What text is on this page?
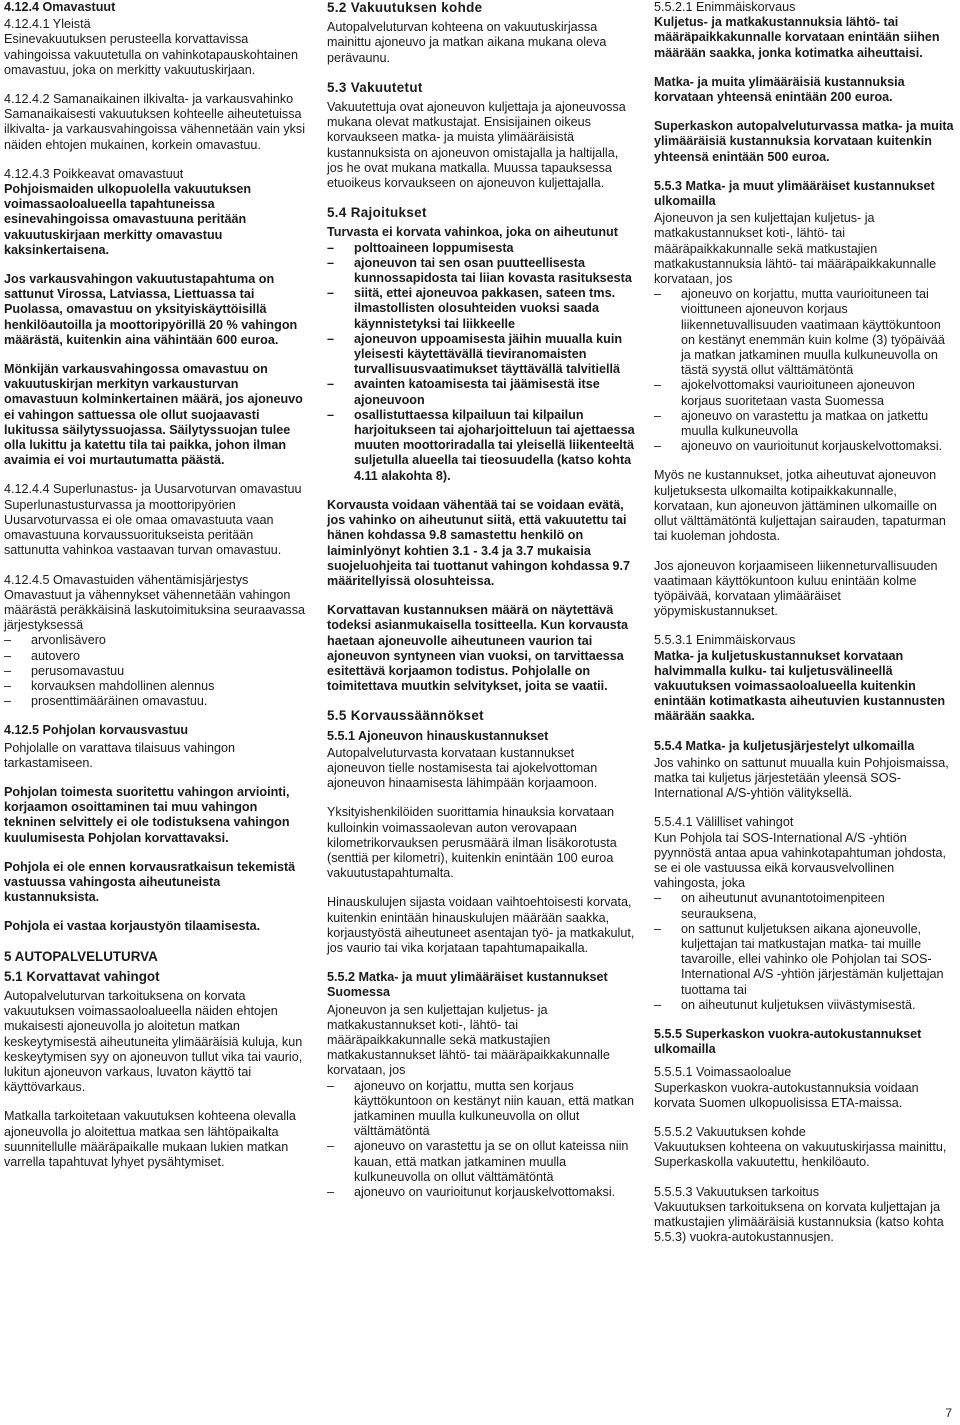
4.12.4 Omavastuut
4.12.4.1 Yleistä

Esinevakuutuksen perusteella korvattavissa vahingoissa vakuutetulla on vahinkotapauskohtainen omavastuu, joka on merkitty vakuutuskirjaan.

4.12.4.2 Samanaikainen ilkivalta- ja varkausvahinko

Samanaikaisesti vakuutuksen kohteelle aiheutetuissa ilkivalta- ja varkausvahingoissa vähennetään vain yksi näiden ehtojen mukainen, korkein omavastuu.

4.12.4.3 Poikkeavat omavastuut

Pohjoismaiden ulkopuolella vakuutuksen voimassaoloalueella tapahtuneissa esinevahingoissa omavastuuna peritään vakuutuskirjaan merkitty omavastuu kaksinkertaisena.

Jos varkausvahingon vakuutustapahtuma on sattunut Virossa, Latviassa, Liettuassa tai Puolassa, omavastuu on yksityiskäyttöisillä henkilöautoilla ja moottoripyörillä 20 % vahingon määrästä, kuitenkin aina vähintään 600 euroa.

Mönkijän varkausvahingossa omavastuu on vakuutuskirjan merkityn varkausturvan omavastuun kolminkertainen määrä, jos ajoneuvo ei vahingon sattuessa ole ollut suojaavasti lukitussa säilytyssuojassa. Säilytyssuojan tulee olla lukittu ja katettu tila tai paikka, johon ilman avaimia ei voi murtautumatta päästä.

4.12.4.4 Superlunastus- ja Uusarvoturvan omavastuu

Superlunastusturvassa ja moottoripyörien Uusarvoturvassa ei ole omaa omavastuuta vaan omavastuuna korvaussuoritukseista peritään sattunutta vahinkoa vastaavan turvan omavastuu.

4.12.4.5 Omavastuiden vähentämisjärjestys
Omavastuut ja vähennykset vähennetään vahingon määrästä peräkkäisinä laskutoimituksina seuraavassa järjestyksessä
– arvonlisävero
– autovero
– perusomavastuu
– korvauksen mahdollinen alennus
– prosenttimääräinen omavastuu.
4.12.5 Pohjolan korvausvastuu

Pohjolalle on varattava tilaisuus vahingon tarkastamiseen.

Pohjolan toimesta suoritettu vahingon arviointi, korjaamon osoittaminen tai muu vahingon tekninen selvittely ei ole todistuksena vahingon kuulumisesta Pohjolan korvattavaksi.

Pohjola ei ole ennen korvausratkaisun tekemistä vastuussa vahingosta aiheutuneista kustannuksista.

Pohjola ei vastaa korjaustyön tilaamisesta.

5 AUTOPALVELUTURVA
5.1 Korvattavat vahingot

Autopalveluturvan tarkoituksena on korvata vakuutuksen voimassaoloalueella näiden ehtojen mukaisesti ajoneuvolla jo aloitetun matkan keskeytymisestä aiheutuneita ylimääräisiä kuluja, kun keskeytymisen syy on ajoneuvon tullut vika tai vaurio, lukitun ajoneuvon varkaus, luvaton käyttö tai käyttövarkaus.

Matkalla tarkoitetaan vakuutuksen kohteena olevalla ajoneuvolla jo aloitettua matkaa sen lähtöpaikalta suunnitellulle määräpaikalle mukaan lukien matkan varrella tapahtuvat lyhyet pysähtymiset.

5.2 Vakuutuksen kohde

Autopalveluturvan kohteena on vakuutuskirjassa mainittu ajoneuvo ja matkan aikana mukana oleva perävaunu.

5.3 Vakuutetut

Vakuutettuja ovat ajoneuvon kuljettaja ja ajoneuvossa mukana olevat matkustajat. Ensisijainen oikeus korvaukseen matka- ja muista ylimääräisistä kustannuksista on ajoneuvon omistajalla ja haltijalla, jos he ovat mukana matkalla. Muussa tapauksessa etuoikeus korvaukseen on ajoneuvon kuljettajalla.

5.4 Rajoitukset
Turvasta ei korvata vahinkoa, joka on aiheutunut
– polttoaineen loppumisesta
– ajoneuvon tai sen osan puutteellisesta kunnossapidosta tai liian kovasta rasituksesta
– siitä, ettei ajoneuvoa pakkasen, sateen tms. ilmastollisten olosuhteiden vuoksi saada käynnistetyksi tai liikkeelle
– ajoneuvon uppoamisesta jäihin muualla kuin yleisesti käytettävällä tieviranomaisten turvallisuusvaatimukset täyttävällä talvitiellä
– avainten katoamisesta tai jäämisestä itse ajoneuvoon
– osallistuttaessa kilpailuun tai kilpailun harjoitukseen tai ajoharjoitteluun tai ajettaessa muuten moottoriradalla tai yleisellä liikenteeltä suljetulla alueella tai tieosuudella (katso kohta 4.11 alakohta 8).

Korvausta voidaan vähentää tai se voidaan evätä, jos vahinko on aiheutunut siitä, että vakuutettu tai hänen kohdassa 9.8 samastettu henkilö on laiminlyönyt kohtien 3.1 - 3.4 ja 3.7 mukaisia suojeluohjeita tai tuottanut vahingon kohdassa 9.7 määritellyissä olosuhteissa.

Korvattavan kustannuksen määrä on näytettävä todeksi asianmukaisella tositteella. Kun korvausta haetaan ajoneuvolle aiheutuneen vaurion tai ajoneuvon syntyneen vian vuoksi, on tarvittaessa esitettävä korjaamon todistus. Pohjolalle on toimitettava muutkin selvitykset, joita se vaatii.

5.5 Korvaussäännökset
5.5.1 Ajoneuvon hinauskustannukset

Autopalveluturvasta korvataan kustannukset ajoneuvon tielle nostamisesta tai ajokelvottoman ajoneuvon hinaamisesta lähimpään korjaamoon.

Yksityishenkilöiden suorittamia hinauksia korvataan kulloinkin voimassaolevan auton verovapaan kilometrikorvauksen perusmäärä ilman lisäkorotusta (senttiä per kilometri), kuitenkin enintään 100 euroa vakuutustapahtumalta.

Hinauskulujen sijasta voidaan vaihtoehtoisesti korvata, kuitenkin enintään hinauskulujen määrään saakka, korjaustyöstä aiheutuneet asentajan työ- ja matkakulut, jos vaurio tai vika korjataan tapahtumapaikalla.

5.5.2 Matka- ja muut ylimääräiset kustannukset Suomessa
Ajoneuvon ja sen kuljettajan kuljetus- ja matkakustannukset koti-, lähtö- tai määräpaikkakunnalle sekä matkustajien matkakustannukset lähtö- tai määräpaikkakunnalle korvataan, jos
– ajoneuvo on korjattu, mutta sen korjaus käyttökuntoon on kestänyt niin kauan, että matkan jatkaminen muulla kulkuneuvolla on ollut välttämätöntä
– ajoneuvo on varastettu ja se on ollut kateissa niin kauan, että matkan jatkaminen muulla kulkuneuvolla on ollut välttämätöntä
– ajoneuvo on vaurioitunut korjauskelvottomaksi.
5.5.2.1 Enimmäiskorvaus

Kuljetus- ja matkakustannuksia lähtö- tai määräpaikkakunnalle korvataan enintään siihen määrään saakka, jonka kotimatka aiheuttaisi.

Matka- ja muita ylimääräisiä kustannuksia korvataan yhteensä enintään 200 euroa.

Superkaskon autopalveluturvassa matka- ja muita ylimääräisiä kustannuksia korvataan kuitenkin yhteensä enintään 500 euroa.

5.5.3 Matka- ja muut ylimääräiset kustannukset ulkomailla
Ajoneuvon ja sen kuljettajan kuljetus- ja matkakustannukset koti-, lähtö- tai määräpaikkakunnalle sekä matkustajien matkakustannuksia lähtö- tai määräpaikkakunnalle korvataan, jos
– ajoneuvo on korjattu, mutta vaurioituneen tai vioittuneen ajoneuvon korjaus liikennetuvallisuuden vaatimaan käyttökuntoon on kestänyt enemmän kuin kolme (3) työpäivää ja matkan jatkaminen muulla kulkuneuvolla on tästä syystä ollut välttämätöntä
– ajokelvottomaksi vaurioituneen ajoneuvon korjaus suoritetaan vasta Suomessa
– ajoneuvo on varastettu ja matkaa on jatkettu muulla kulkuneuvolla
– ajoneuvo on vaurioitunut korjauskelvottomaksi.

Myös ne kustannukset, jotka aiheutuvat ajoneuvon kuljetuksesta ulkomailta kotipaikkakunnalle, korvataan, kun ajoneuvon jättäminen ulkomaille on ollut välttämätöntä kuljettajan sairauden, tapaturman tai kuoleman johdosta.

Jos ajoneuvon korjaamiseen liikenneturvallisuuden vaatimaan käyttökuntoon kuluu enintään kolme työpäivää, korvataan ylimääräiset yöpymiskustannukset.

5.5.3.1 Enimmäiskorvaus

Matka- ja kuljetuskustannukset korvataan halvimmalla kulku- tai kuljetusvälineellä vakuutuksen voimassaoloalueella kuitenkin enintään kotimatkasta aiheutuvien kustannusten määrään saakka.

5.5.4 Matka- ja kuljetusjärjestelyt ulkomailla

Jos vahinko on sattunut muualla kuin Pohjoismaissa, matka tai kuljetus järjestetään yleensä SOS-International A/S-yhtiön välityksellä.

5.5.4.1 Välilliset vahingot
Kun Pohjola tai SOS-International A/S -yhtiön pyynnöstä antaa apua vahinkotapahtuman johdosta, se ei ole vastuussa eikä korvausvelvollinen vahingosta, joka
– on aiheutunut avunantotoimenpiteen seurauksena,
– on sattunut kuljetuksen aikana ajoneuvolle, kuljettajan tai matkustajan matka- tai muille tavaroille, ellei vahinko ole Pohjolan tai SOS-International A/S -yhtiön järjestämän kuljettajan tuottama tai
– on aiheutunut kuljetuksen viivästymisestä.
5.5.5 Superkaskon vuokra-autokustannukset ulkomailla
5.5.5.1 Voimassaoloalue

Superkaskon vuokra-autokustannuksia voidaan korvata Suomen ulkopuolisissa ETA-maissa.

5.5.5.2 Vakuutuksen kohde

Vakuutuksen kohteena on vakuutuskirjassa mainittu, Superkaskolla vakuutettu, henkilöauto.

5.5.5.3 Vakuutuksen tarkoitus

Vakuutuksen tarkoituksena on korvata kuljettajan ja matkustajien ylimääräisiä kustannuksia (katso kohta 5.5.3) vuokra-autokustannusjen.

7
